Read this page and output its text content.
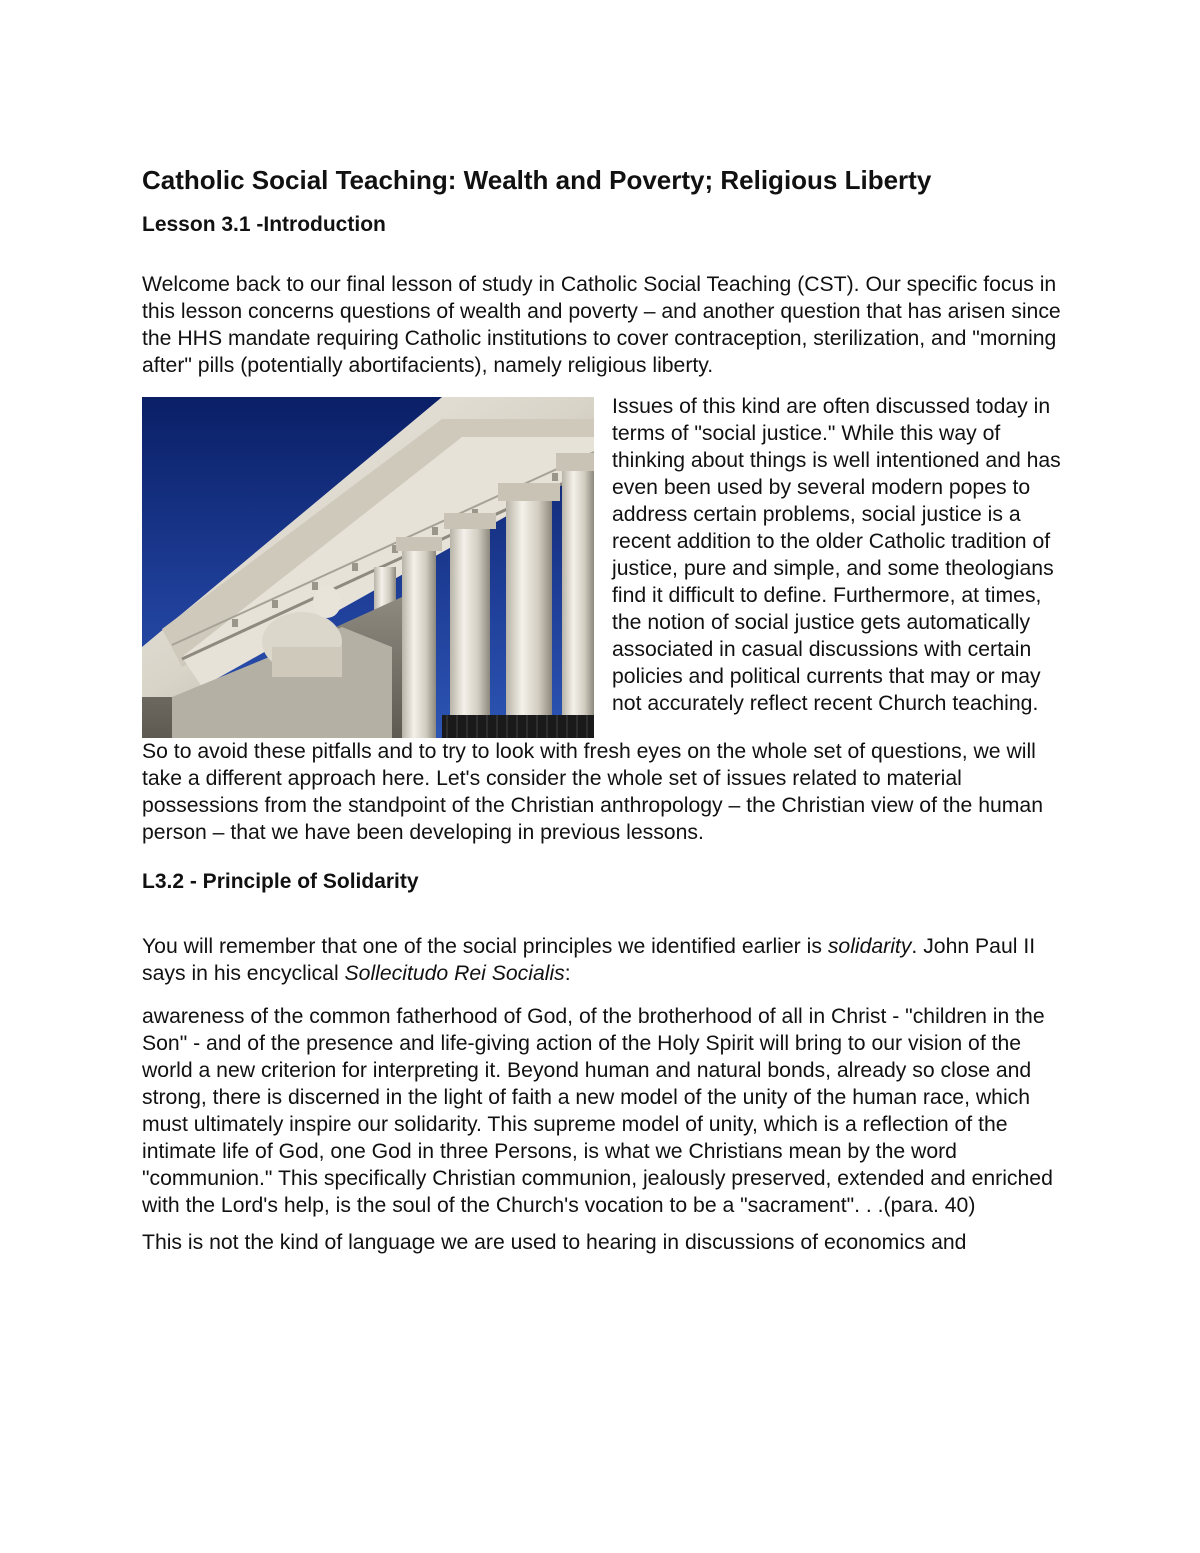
Catholic Social Teaching: Wealth and Poverty; Religious Liberty
Lesson 3.1 -Introduction

Welcome back to our final lesson of study in Catholic Social Teaching (CST). Our specific focus in this lesson concerns questions of wealth and poverty – and another question that has arisen since the HHS mandate requiring Catholic institutions to cover contraception, sterilization, and "morning after" pills (potentially abortifacients), namely religious liberty.

Issues of this kind are often discussed today in terms of "social justice." While this way of thinking about things is well intentioned and has even been used by several modern popes to address certain problems, social justice is a recent addition to the older Catholic tradition of justice, pure and simple, and some theologians find it difficult to define. Furthermore, at times, the notion of social justice gets automatically associated in casual discussions with certain policies and political currents that may or may not accurately reflect recent Church teaching.

So to avoid these pitfalls and to try to look with fresh eyes on the whole set of questions, we will take a different approach here. Let's consider the whole set of issues related to material possessions from the standpoint of the Christian anthropology – the Christian view of the human person – that we have been developing in previous lessons.

L3.2 - Principle of Solidarity

You will remember that one of the social principles we identified earlier is solidarity. John Paul II says in his encyclical Sollecitudo Rei Socialis:

awareness of the common fatherhood of God, of the brotherhood of all in Christ - "children in the Son" - and of the presence and life-giving action of the Holy Spirit will bring to our vision of the world a new criterion for interpreting it. Beyond human and natural bonds, already so close and strong, there is discerned in the light of faith a new model of the unity of the human race, which must ultimately inspire our solidarity. This supreme model of unity, which is a reflection of the intimate life of God, one God in three Persons, is what we Christians mean by the word "communion." This specifically Christian communion, jealously preserved, extended and enriched with the Lord's help, is the soul of the Church's vocation to be a "sacrament". . .(para. 40)

This is not the kind of language we are used to hearing in discussions of economics and
